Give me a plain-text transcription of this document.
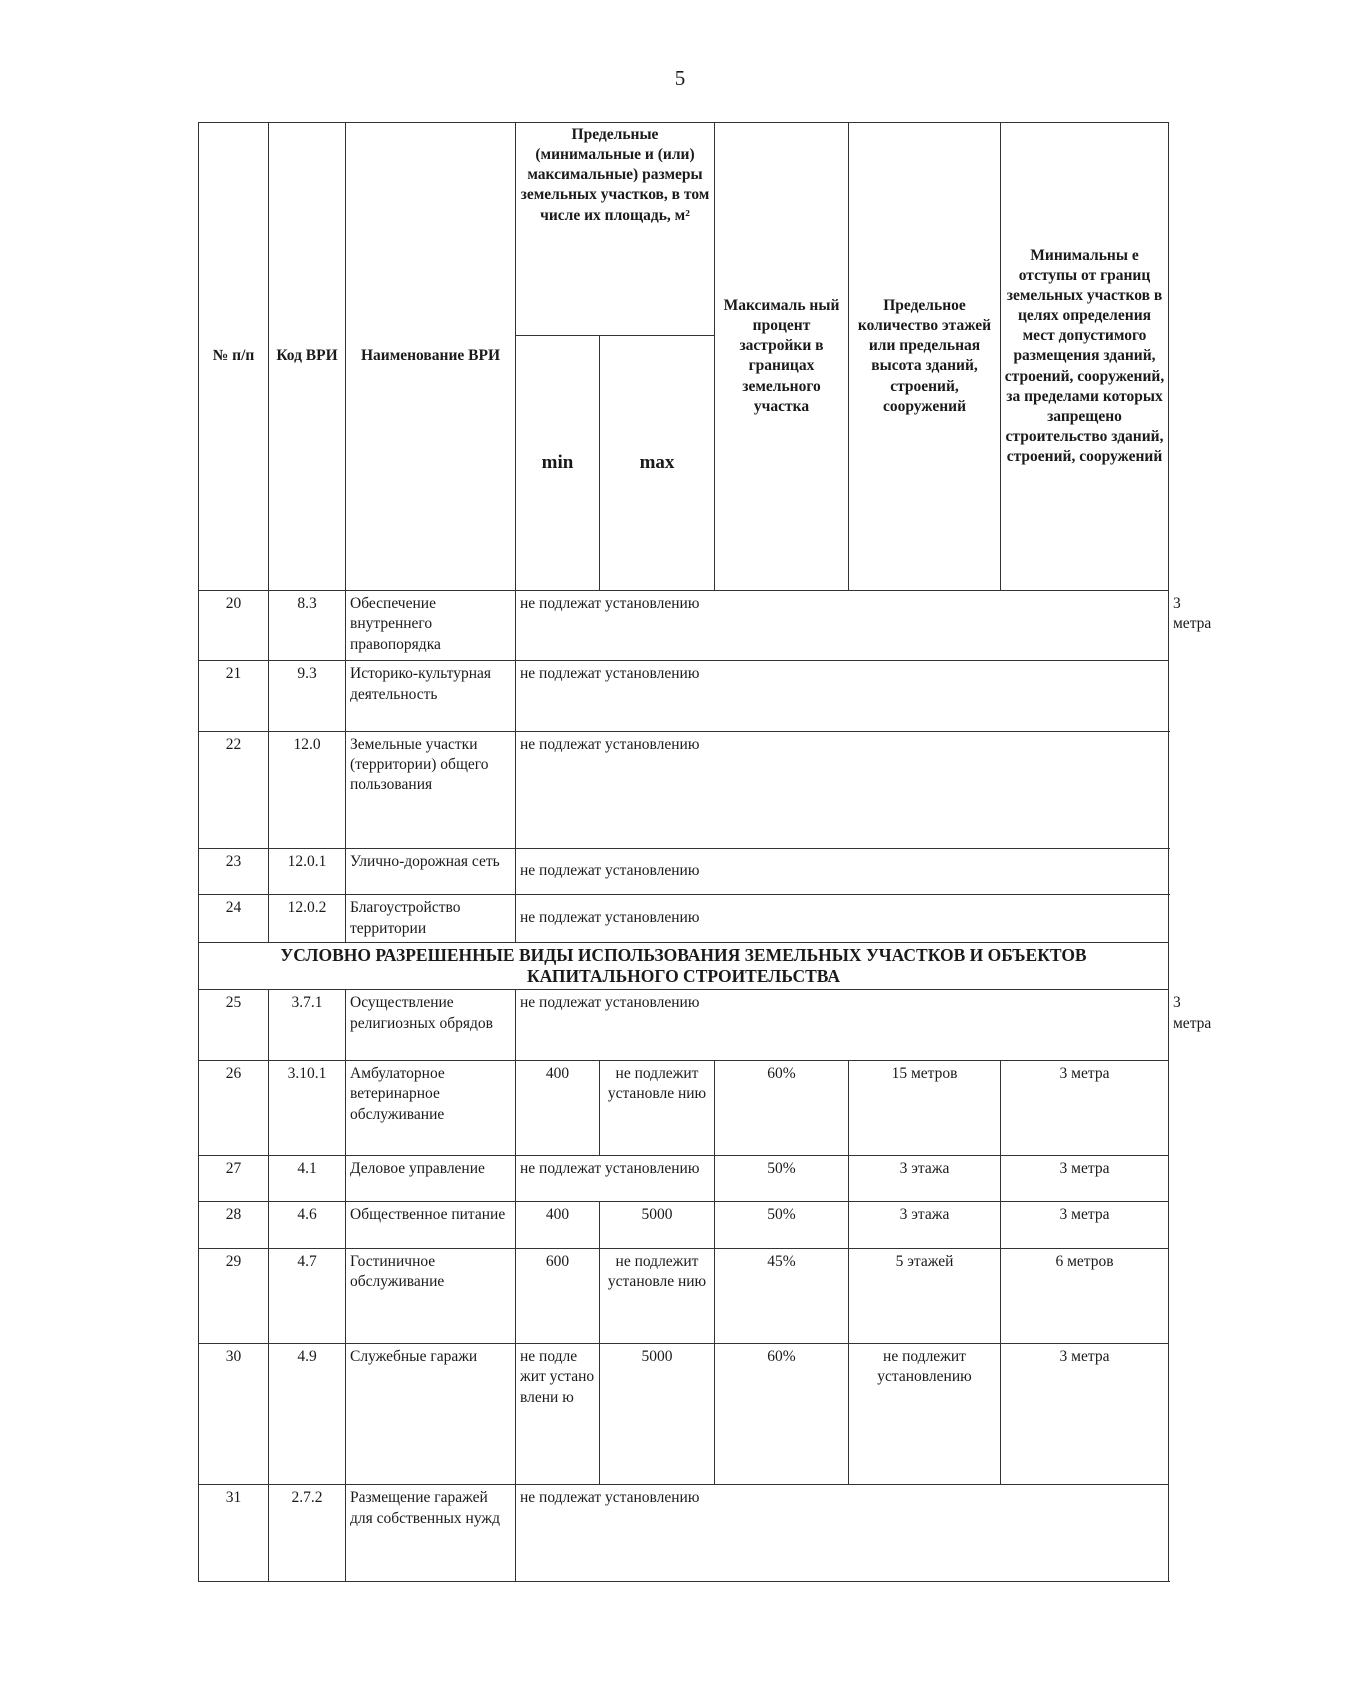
5
№ п/п	Код ВРИ	Наименование ВРИ	Предельные (минимальные и (или) максимальные) размеры земельных участков, в том числе их площадь, м²		Максималь ный процент застройки в границах земельного участка	Предельное количество этажей или предельная высота зданий, строений, сооружений	Минимальны е отступы от границ земельных участков в целях определения мест допустимого размещения зданий, строений, сооружений, за пределами которых запрещено строительство зданий, строений, сооружений	
			min	max				
20	8.3	Обеспечение внутреннего правопорядка	не подлежат установлению					3 метра
21	9.3	Историко-культурная деятельность	не подлежат установлению					
22	12.0	Земельные участки (территории) общего пользования	не подлежат установлению					
23	12.0.1	Улично-дорожная сеть	не подлежат установлению					
24	12.0.2	Благоустройство территории	не подлежат установлению					
УСЛОВНО РАЗРЕШЕННЫЕ ВИДЫ ИСПОЛЬЗОВАНИЯ ЗЕМЕЛЬНЫХ УЧАСТКОВ И ОБЪЕКТОВ КАПИТАЛЬНОГО СТРОИТЕЛЬСТВА								
25	3.7.1	Осуществление религиозных обрядов	не подлежат установлению					3 метра
26	3.10.1	Амбулаторное ветеринарное обслуживание	400	не подлежит установле нию	60%	15 метров	3 метра	
27	4.1	Деловое управление	не подлежат установлению		50%	3 этажа	3 метра	
28	4.6	Общественное питание	400	5000	50%	3 этажа	3 метра	
29	4.7	Гостиничное обслуживание	600	не подлежит установле нию	45%	5 этажей	6 метров	
30	4.9	Служебные гаражи	не подле жит устано влени ю	5000	60%	не подлежит установлению	3 метра	
31	2.7.2	Размещение гаражей для собственных нужд	не подлежат установлению					
